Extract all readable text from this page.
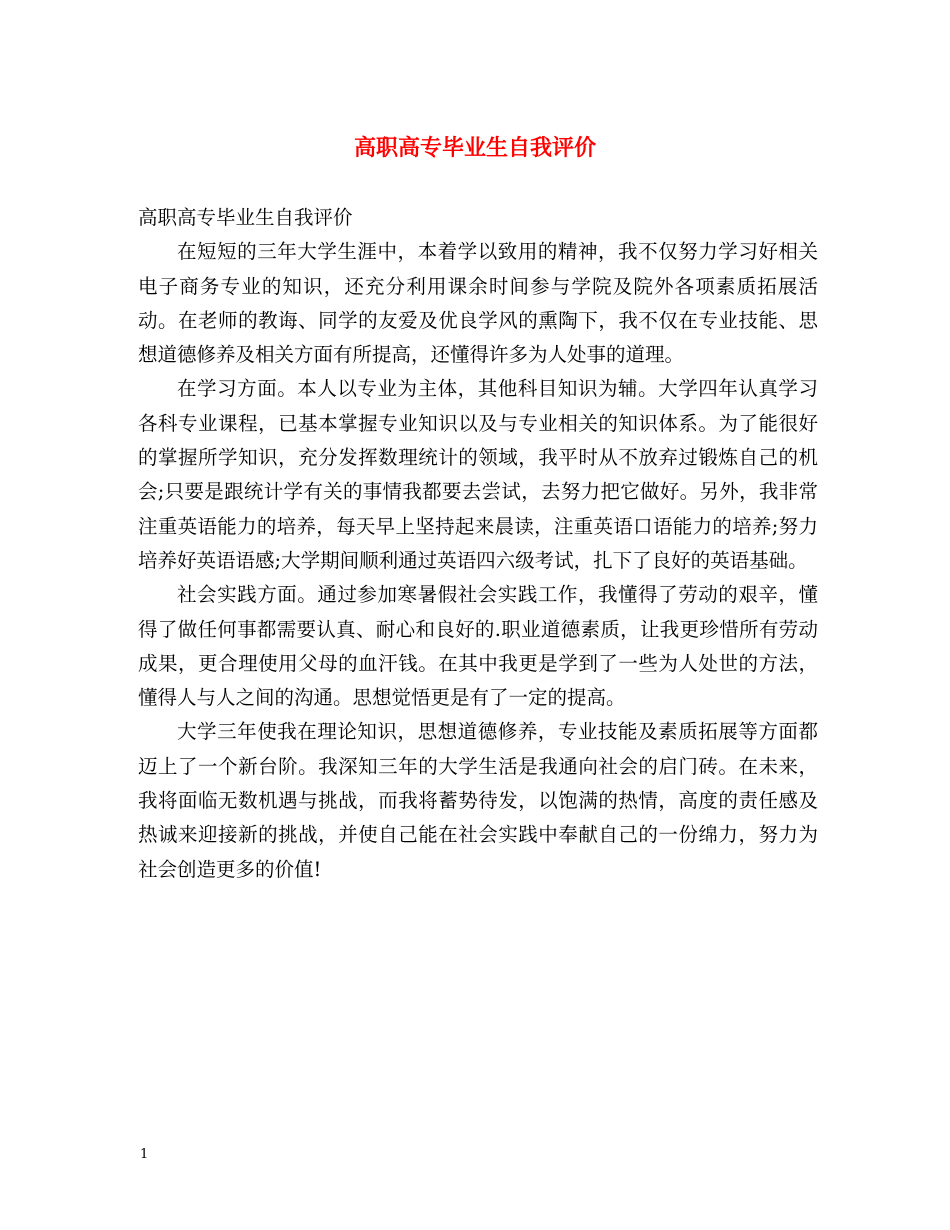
高职高专毕业生自我评价

高职高专毕业生自我评价

在短短的三年大学生涯中，本着学以致用的精神，我不仅努力学习好相关电子商务专业的知识，还充分利用课余时间参与学院及院外各项素质拓展活动。在老师的教诲、同学的友爱及优良学风的熏陶下，我不仅在专业技能、思想道德修养及相关方面有所提高，还懂得许多为人处事的道理。

在学习方面。本人以专业为主体，其他科目知识为辅。大学四年认真学习各科专业课程，已基本掌握专业知识以及与专业相关的知识体系。为了能很好的掌握所学知识，充分发挥数理统计的领域，我平时从不放弃过锻炼自己的机会;只要是跟统计学有关的事情我都要去尝试，去努力把它做好。另外，我非常注重英语能力的培养，每天早上坚持起来晨读，注重英语口语能力的培养;努力培养好英语语感;大学期间顺利通过英语四六级考试，扎下了良好的英语基础。

社会实践方面。通过参加寒暑假社会实践工作，我懂得了劳动的艰辛，懂得了做任何事都需要认真、耐心和良好的.职业道德素质，让我更珍惜所有劳动成果，更合理使用父母的血汗钱。在其中我更是学到了一些为人处世的方法，懂得人与人之间的沟通。思想觉悟更是有了一定的提高。

大学三年使我在理论知识，思想道德修养，专业技能及素质拓展等方面都迈上了一个新台阶。我深知三年的大学生活是我通向社会的启门砖。在未来，我将面临无数机遇与挑战，而我将蓄势待发，以饱满的热情，高度的责任感及热诚来迎接新的挑战，并使自己能在社会实践中奉献自己的一份绵力，努力为社会创造更多的价值!

1
